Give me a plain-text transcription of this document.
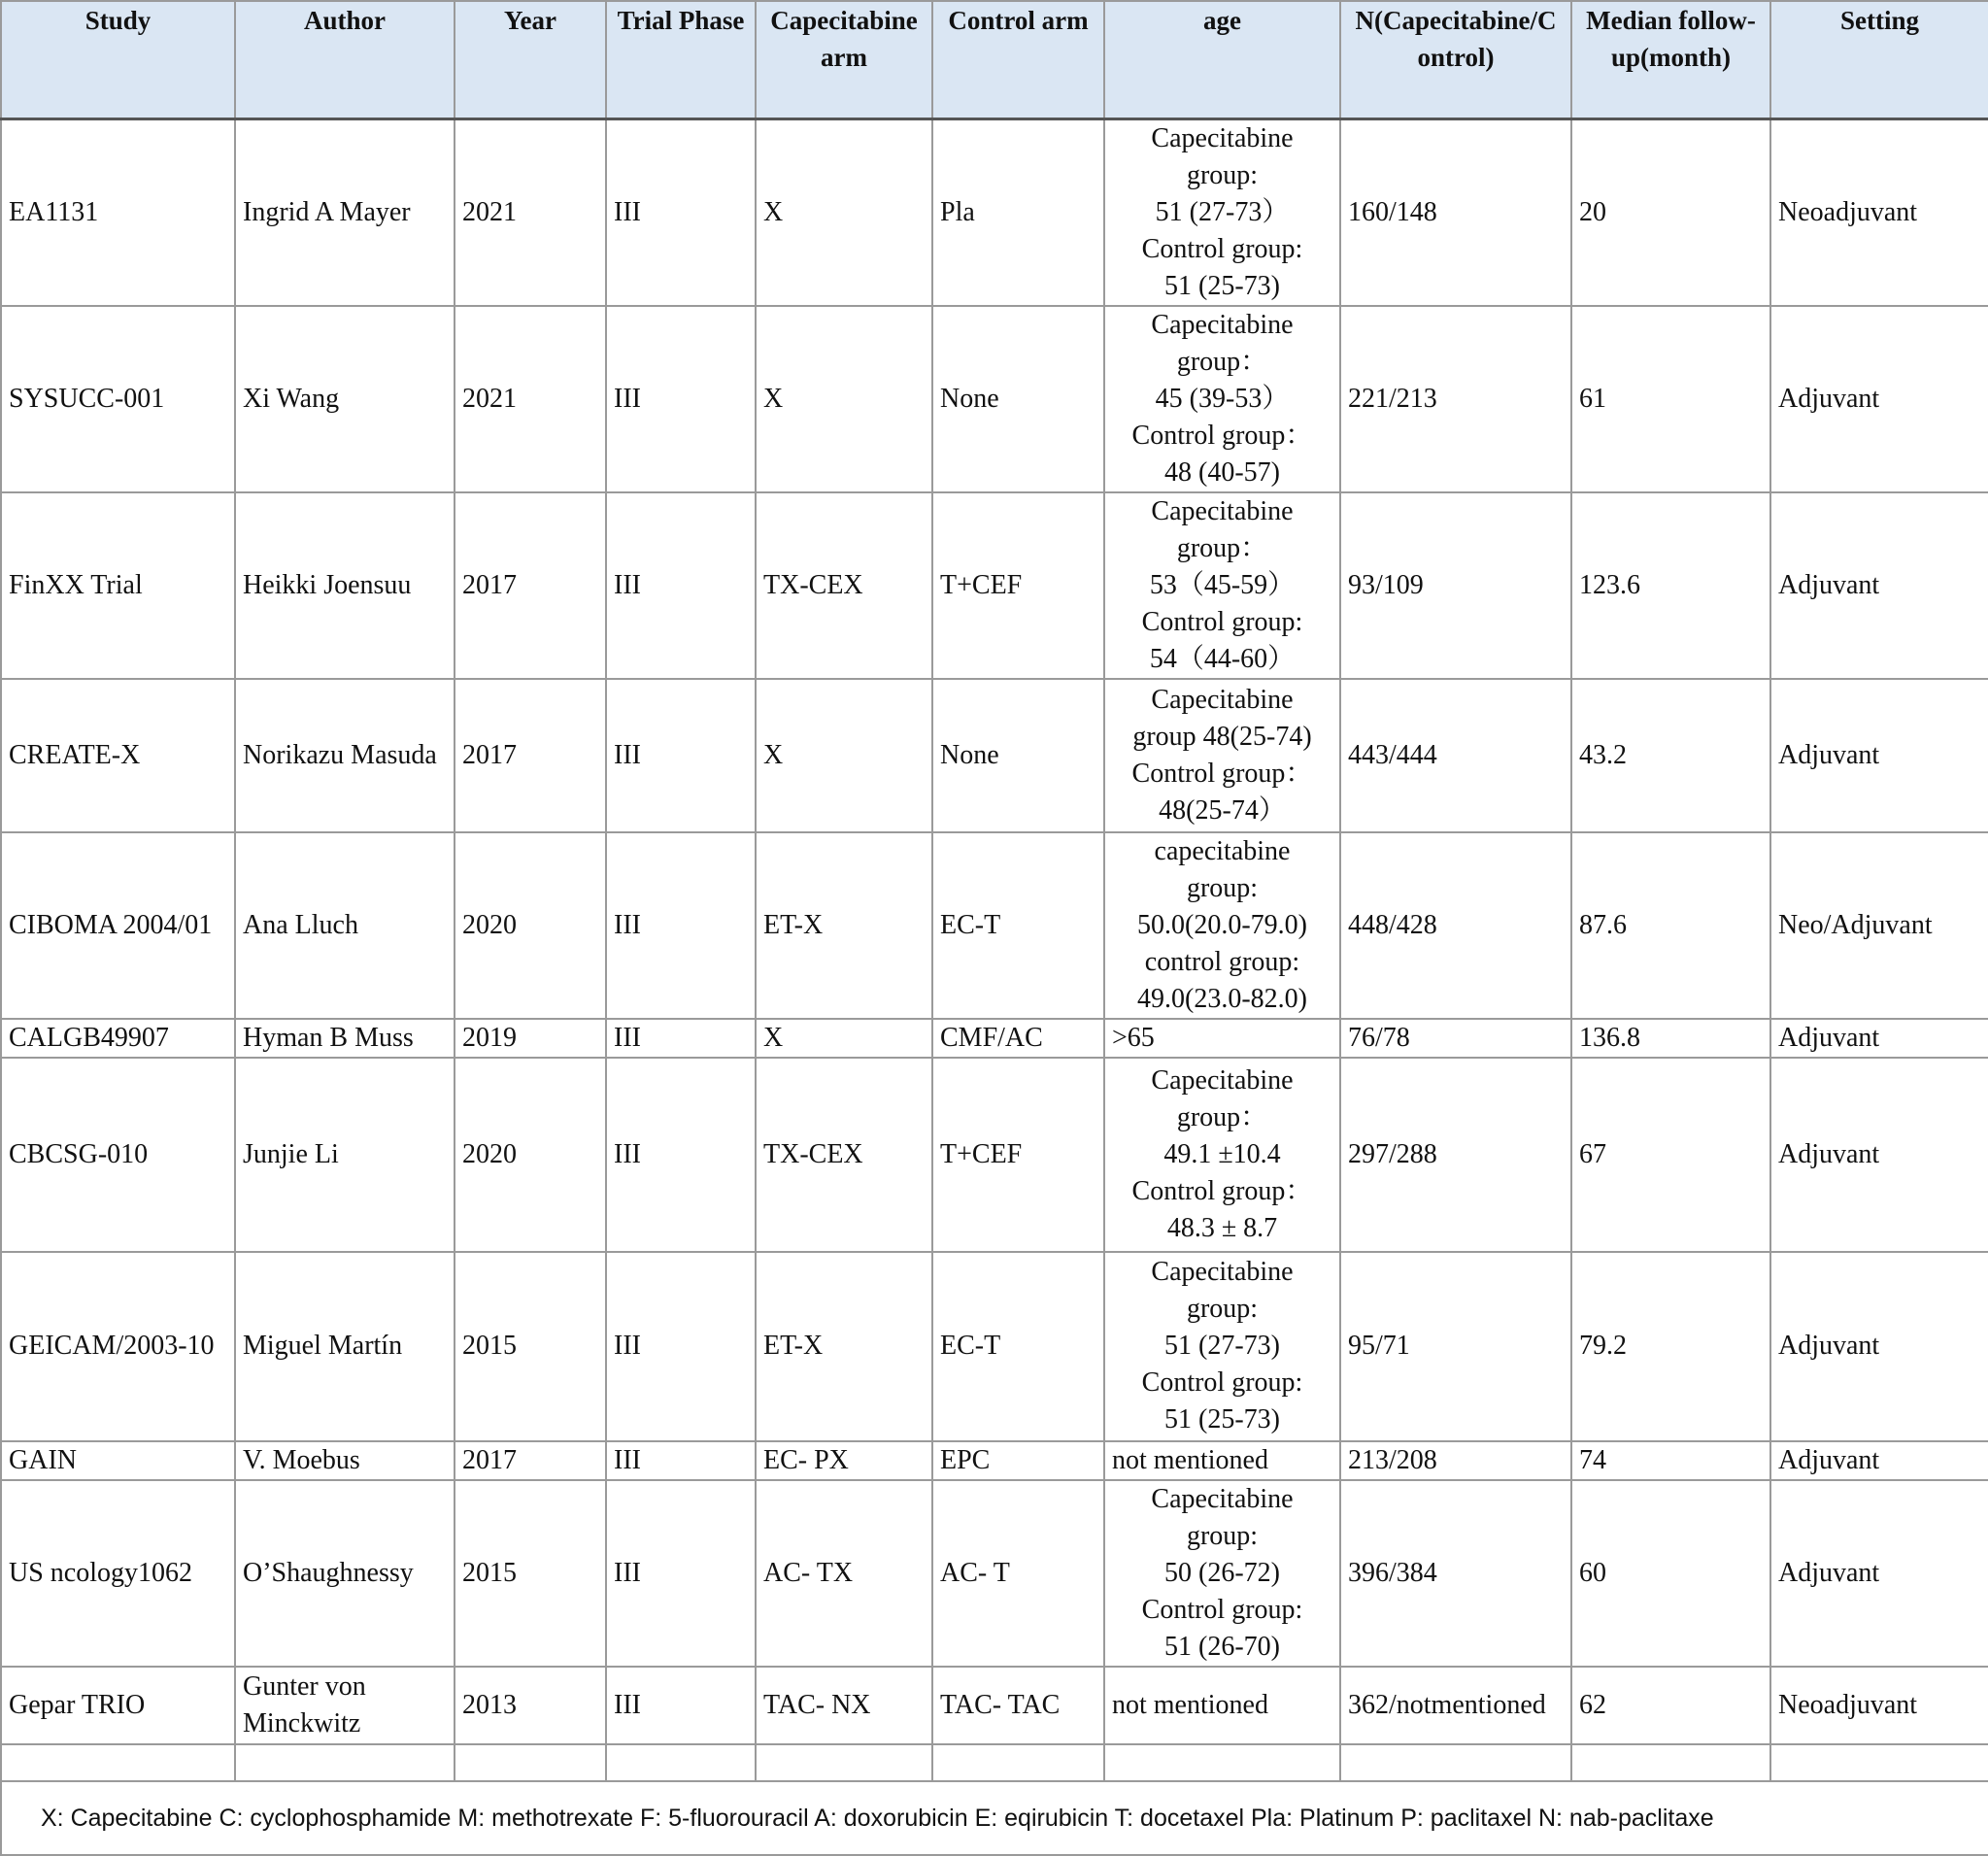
Study	Author	Year	Trial Phase	Capecitabine arm	Control arm	age	N(Capecitabine/C ontrol)	Median follow-up(month)	Setting
EA1131	Ingrid A Mayer	2021	III	X	Pla	Capecitabine
group:
51 (27-73）
Control group:
51 (25-73)	160/148	20	Neoadjuvant
SYSUCC-001	Xi Wang	2021	III	X	None	Capecitabine
group：
45 (39-53）
Control group：
48 (40-57)	221/213	61	Adjuvant
FinXX Trial	Heikki Joensuu	2017	III	TX-CEX	T+CEF	Capecitabine
group：
53（45-59）
Control group:
54（44-60）	93/109	123.6	Adjuvant
CREATE-X	Norikazu Masuda	2017	III	X	None	Capecitabine
group 48(25-74)
Control group：
48(25-74）	443/444	43.2	Adjuvant
CIBOMA 2004/01	Ana Lluch	2020	III	ET-X	EC-T	capecitabine
group:
50.0(20.0-79.0)
control group:
49.0(23.0-82.0)	448/428	87.6	Neo/Adjuvant
CALGB49907	Hyman B Muss	2019	III	X	CMF/AC	>65	76/78	136.8	Adjuvant
CBCSG-010	Junjie Li	2020	III	TX-CEX	T+CEF	Capecitabine
group：
49.1 ±10.4
Control group：
48.3 ± 8.7	297/288	67	Adjuvant
GEICAM/2003-10	Miguel Martín	2015	III	ET-X	EC-T	Capecitabine
group:
51 (27-73)
Control group:
51 (25-73)	95/71	79.2	Adjuvant
GAIN	V. Moebus	2017	III	EC- PX	EPC	not mentioned	213/208	74	Adjuvant
US ncology1062	O’Shaughnessy	2015	III	AC- TX	AC- T	Capecitabine
group:
50 (26-72)
Control group:
51 (26-70)	396/384	60	Adjuvant
Gepar TRIO	Gunter von Minckwitz	2013	III	TAC- NX	TAC- TAC	not mentioned	362/notmentioned	62	Neoadjuvant

X: Capecitabine C: cyclophosphamide M: methotrexate F: 5-fluorouracil A: doxorubicin E: eqirubicin T: docetaxel Pla: Platinum P: paclitaxel N: nab-paclitaxe									
